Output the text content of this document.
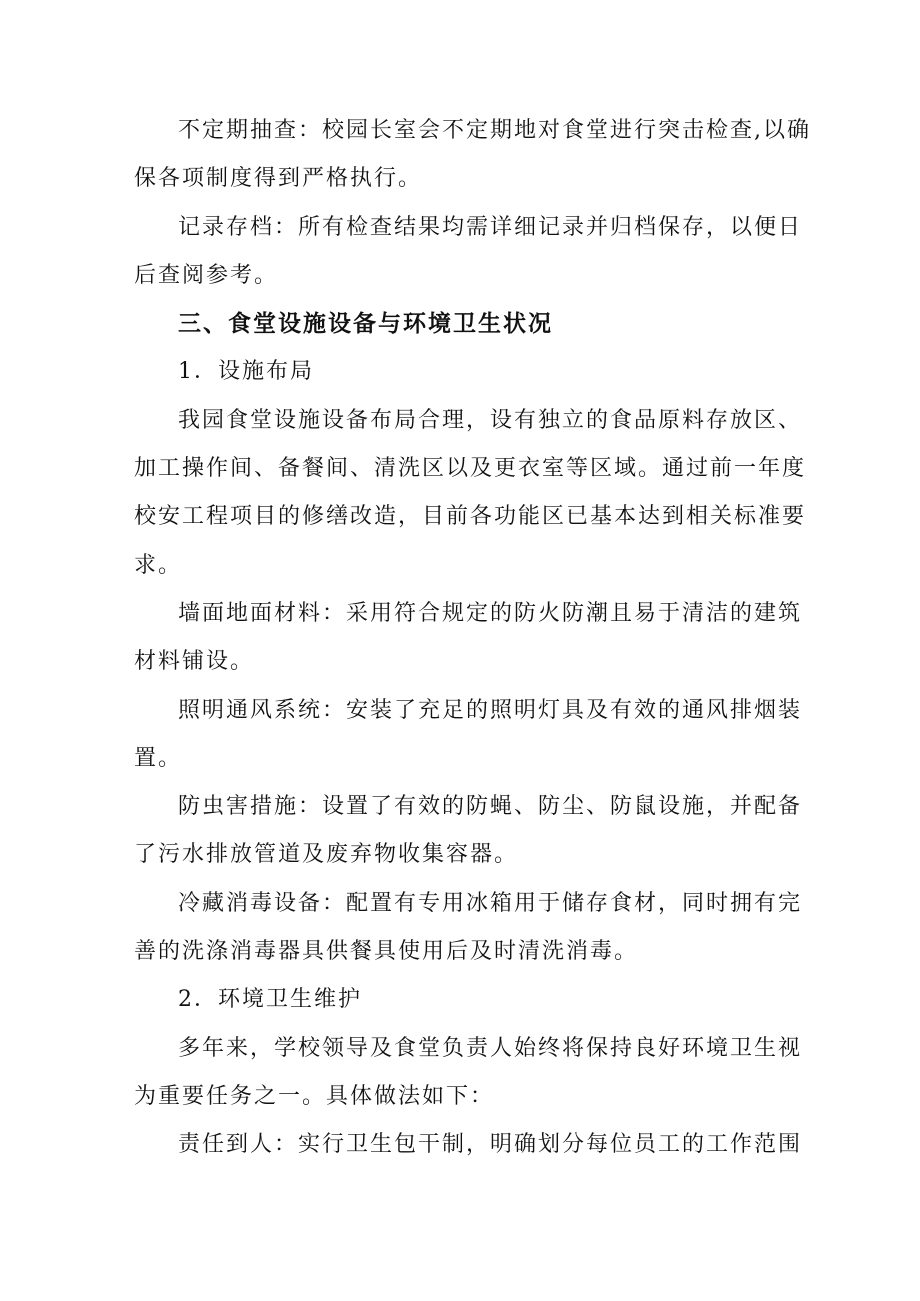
不定期抽查：校园长室会不定期地对食堂进行突击检查,以确
保各项制度得到严格执行。
记录存档：所有检查结果均需详细记录并归档保存，以便日
后查阅参考。
三、食堂设施设备与环境卫生状况
1．设施布局
我园食堂设施设备布局合理，设有独立的食品原料存放区、
加工操作间、备餐间、清洗区以及更衣室等区域。通过前一年度
校安工程项目的修缮改造，目前各功能区已基本达到相关标准要
求。
墙面地面材料：采用符合规定的防火防潮且易于清洁的建筑
材料铺设。
照明通风系统：安装了充足的照明灯具及有效的通风排烟装
置。
防虫害措施：设置了有效的防蝇、防尘、防鼠设施，并配备
了污水排放管道及废弃物收集容器。
冷藏消毒设备：配置有专用冰箱用于储存食材，同时拥有完
善的洗涤消毒器具供餐具使用后及时清洗消毒。
2．环境卫生维护
多年来，学校领导及食堂负责人始终将保持良好环境卫生视
为重要任务之一。具体做法如下：
责任到人：实行卫生包干制，明确划分每位员工的工作范围
